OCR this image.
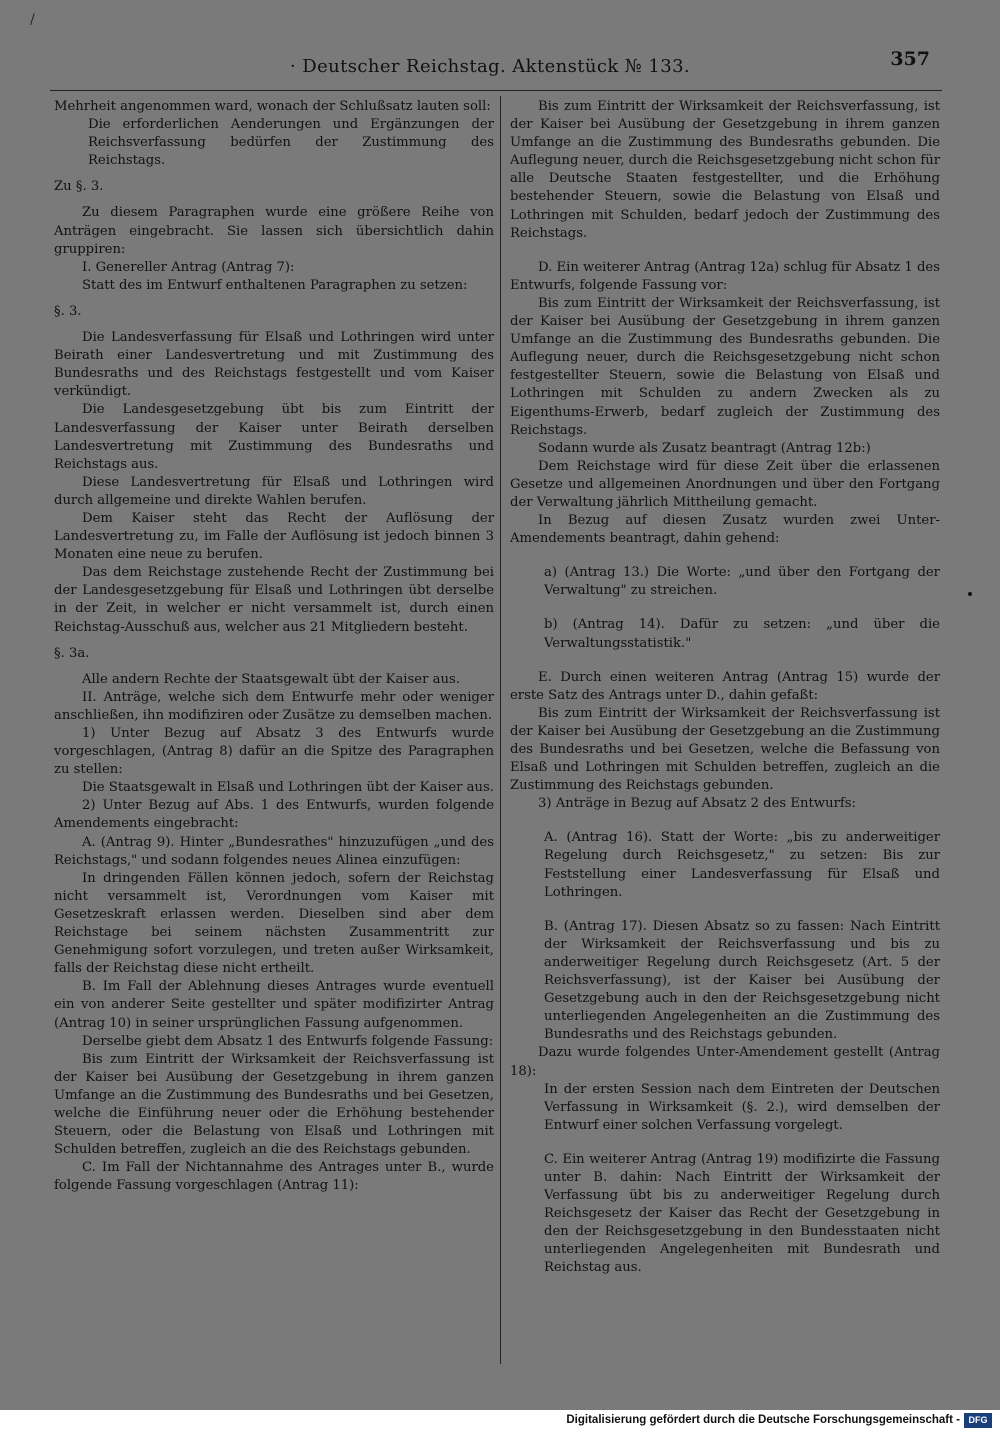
/
· Deutscher Reichstag. Aktenstück № 133.	357

Mehrheit angenommen ward, wonach der Schlußsatz lauten soll:

Die erforderlichen Aenderungen und Ergänzungen der Reichsverfassung bedürfen der Zustimmung des Reichstags.

Zu §. 3.

Zu diesem Paragraphen wurde eine größere Reihe von Anträgen eingebracht. Sie lassen sich übersichtlich dahin gruppiren:

I. Genereller Antrag (Antrag 7):

Statt des im Entwurf enthaltenen Paragraphen zu setzen:

§. 3.

Die Landesverfassung für Elsaß und Lothringen wird unter Beirath einer Landesvertretung und mit Zustimmung des Bundesraths und des Reichstags festgestellt und vom Kaiser verkündigt.

Die Landesgesetzgebung übt bis zum Eintritt der Landesverfassung der Kaiser unter Beirath derselben Landesvertretung mit Zustimmung des Bundesraths und Reichstags aus.

Diese Landesvertretung für Elsaß und Lothringen wird durch allgemeine und direkte Wahlen berufen.

Dem Kaiser steht das Recht der Auflösung der Landesvertretung zu, im Falle der Auflösung ist jedoch binnen 3 Monaten eine neue zu berufen.

Das dem Reichstage zustehende Recht der Zustimmung bei der Landesgesetzgebung für Elsaß und Lothringen übt derselbe in der Zeit, in welcher er nicht versammelt ist, durch einen Reichstag-Ausschuß aus, welcher aus 21 Mitgliedern besteht.

§. 3a.

Alle andern Rechte der Staatsgewalt übt der Kaiser aus.

II. Anträge, welche sich dem Entwurfe mehr oder weniger anschließen, ihn modifiziren oder Zusätze zu demselben machen.

1) Unter Bezug auf Absatz 3 des Entwurfs wurde vorgeschlagen, (Antrag 8) dafür an die Spitze des Paragraphen zu stellen:

Die Staatsgewalt in Elsaß und Lothringen übt der Kaiser aus.

2) Unter Bezug auf Abs. 1 des Entwurfs, wurden folgende Amendements eingebracht:

A. (Antrag 9). Hinter „Bundesrathes" hinzuzufügen „und des Reichstags," und sodann folgendes neues Alinea einzufügen:

In dringenden Fällen können jedoch, sofern der Reichstag nicht versammelt ist, Verordnungen vom Kaiser mit Gesetzeskraft erlassen werden. Dieselben sind aber dem Reichstage bei seinem nächsten Zusammentritt zur Genehmigung sofort vorzulegen, und treten außer Wirksamkeit, falls der Reichstag diese nicht ertheilt.

B. Im Fall der Ablehnung dieses Antrages wurde eventuell ein von anderer Seite gestellter und später modifizirter Antrag (Antrag 10) in seiner ursprünglichen Fassung aufgenommen.

Derselbe giebt dem Absatz 1 des Entwurfs folgende Fassung:

Bis zum Eintritt der Wirksamkeit der Reichsverfassung ist der Kaiser bei Ausübung der Gesetzgebung in ihrem ganzen Umfange an die Zustimmung des Bundesraths und bei Gesetzen, welche die Einführung neuer oder die Erhöhung bestehender Steuern, oder die Belastung von Elsaß und Lothringen mit Schulden betreffen, zugleich an die des Reichstags gebunden.

C. Im Fall der Nichtannahme des Antrages unter B., wurde folgende Fassung vorgeschlagen (Antrag 11):

Bis zum Eintritt der Wirksamkeit der Reichsverfassung, ist der Kaiser bei Ausübung der Gesetzgebung in ihrem ganzen Umfange an die Zustimmung des Bundesraths gebunden. Die Auflegung neuer, durch die Reichsgesetzgebung nicht schon für alle Deutsche Staaten festgestellter, und die Erhöhung bestehender Steuern, sowie die Belastung von Elsaß und Lothringen mit Schulden, bedarf jedoch der Zustimmung des Reichstags.

D. Ein weiterer Antrag (Antrag 12a) schlug für Absatz 1 des Entwurfs, folgende Fassung vor:

Bis zum Eintritt der Wirksamkeit der Reichsverfassung, ist der Kaiser bei Ausübung der Gesetzgebung in ihrem ganzen Umfange an die Zustimmung des Bundesraths gebunden. Die Auflegung neuer, durch die Reichsgesetzgebung nicht schon festgestellter Steuern, sowie die Belastung von Elsaß und Lothringen mit Schulden zu andern Zwecken als zu Eigenthums-Erwerb, bedarf zugleich der Zustimmung des Reichstags.

Sodann wurde als Zusatz beantragt (Antrag 12b:)

Dem Reichstage wird für diese Zeit über die erlassenen Gesetze und allgemeinen Anordnungen und über den Fortgang der Verwaltung jährlich Mittheilung gemacht.

In Bezug auf diesen Zusatz wurden zwei Unter-Amendements beantragt, dahin gehend:

a) (Antrag 13.) Die Worte: „und über den Fortgang der Verwaltung" zu streichen.

b) (Antrag 14). Dafür zu setzen: „und über die Verwaltungsstatistik."

E. Durch einen weiteren Antrag (Antrag 15) wurde der erste Satz des Antrags unter D., dahin gefaßt:

Bis zum Eintritt der Wirksamkeit der Reichsverfassung ist der Kaiser bei Ausübung der Gesetzgebung an die Zustimmung des Bundesraths und bei Gesetzen, welche die Befassung von Elsaß und Lothringen mit Schulden betreffen, zugleich an die Zustimmung des Reichstags gebunden.

3) Anträge in Bezug auf Absatz 2 des Entwurfs:

A. (Antrag 16). Statt der Worte: „bis zu anderweitiger Regelung durch Reichsgesetz," zu setzen: Bis zur Feststellung einer Landesverfassung für Elsaß und Lothringen.

B. (Antrag 17). Diesen Absatz so zu fassen: Nach Eintritt der Wirksamkeit der Reichsverfassung und bis zu anderweitiger Regelung durch Reichsgesetz (Art. 5 der Reichsverfassung), ist der Kaiser bei Ausübung der Gesetzgebung auch in den der Reichsgesetzgebung nicht unterliegenden Angelegenheiten an die Zustimmung des Bundesraths und des Reichstags gebunden.

Dazu wurde folgendes Unter-Amendement gestellt (Antrag 18):

In der ersten Session nach dem Eintreten der Deutschen Verfassung in Wirksamkeit (§. 2.), wird demselben der Entwurf einer solchen Verfassung vorgelegt.

C. Ein weiterer Antrag (Antrag 19) modifizirte die Fassung unter B. dahin: Nach Eintritt der Wirksamkeit der Verfassung übt bis zu anderweitiger Regelung durch Reichsgesetz der Kaiser das Recht der Gesetzgebung in den der Reichsgesetzgebung in den Bundesstaaten nicht unterliegenden Angelegenheiten mit Bundesrath und Reichstag aus.

Digitalisierung gefördert durch die Deutsche Forschungsgemeinschaft - DFG
